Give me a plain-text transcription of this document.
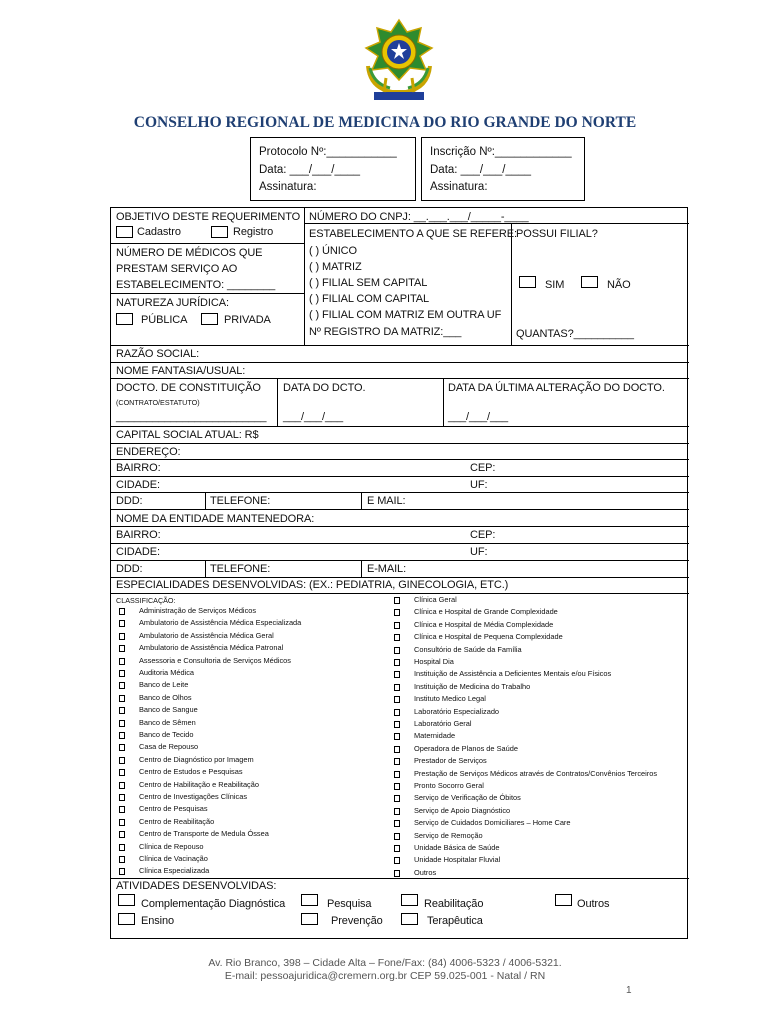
CONSELHO REGIONAL DE MEDICINA DO RIO GRANDE DO NORTE
Protocolo Nº:___________
Data: ___/___/____
Assinatura:
Inscrição Nº:____________
Data: ___/___/____
Assinatura:
OBJETIVO DESTE REQUERIMENTO
Cadastro	Registro
NÚMERO DE MÉDICOS QUE
PRESTAM SERVIÇO AO
ESTABELECIMENTO: ________
NATUREZA JURÍDICA:
PÚBLICA	PRIVADA
NÚMERO DO CNPJ: __.___.___/_____-____
ESTABELECIMENTO A QUE SE REFERE:
( ) ÚNICO
( ) MATRIZ
( ) FILIAL SEM CAPITAL
( ) FILIAL COM CAPITAL
( ) FILIAL COM MATRIZ EM OUTRA UF
Nº REGISTRO DA MATRIZ:___
POSSUI FILIAL?
SIM	NÃO
QUANTAS?__________
RAZÃO SOCIAL:
NOME FANTASIA/USUAL:
DOCTO. DE CONSTITUIÇÃO
(CONTRATO/ESTATUTO)
_________________________
DATA DO DCTO.
___/___/___
DATA DA ÚLTIMA ALTERAÇÃO DO DOCTO.
___/___/___
CAPITAL SOCIAL ATUAL: R$
ENDEREÇO:
BAIRRO:	CEP:
CIDADE:	UF:
DDD:	TELEFONE:	E MAIL:
NOME DA ENTIDADE MANTENEDORA:
BAIRRO:	CEP:
CIDADE:	UF:
DDD:	TELEFONE:	E-MAIL:
ESPECIALIDADES DESENVOLVIDAS: (EX.: PEDIATRIA, GINECOLOGIA, ETC.)
CLASSIFICAÇÃO:
Administração de Serviços Médicos
Ambulatorio de Assistência Médica Especializada
Ambulatorio de Assistência Médica Geral
Ambulatorio de Assistência Médica Patronal
Assessoria e Consultoria de Serviços Médicos
Auditoria Médica
Banco de Leite
Banco de Olhos
Banco de Sangue
Banco de Sêmen
Banco de Tecido
Casa de Repouso
Centro de Diagnóstico por Imagem
Centro de Estudos e Pesquisas
Centro de Habilitação e Reabilitação
Centro de Investigações Clínicas
Centro de Pesquisas
Centro de Reabilitação
Centro de Transporte de Medula Óssea
Clínica de Repouso
Clínica de Vacinação
Clínica Especializada
Clínica Geral
Clínica e Hospital de Grande Complexidade
Clínica e Hospital de Média Complexidade
Clínica e Hospital de Pequena Complexidade
Consultório de Saúde da Família
Hospital Dia
Instituição de Assistência a Deficientes Mentais e/ou Físicos
Instituição de Medicina do Trabalho
Instituto Medico Legal
Laboratório Especializado
Laboratório Geral
Maternidade
Operadora de Planos de Saúde
Prestador de Serviços
Prestação de Serviços Médicos através de Contratos/Convênios Terceiros
Pronto Socorro Geral
Serviço de Verificação de Óbitos
Serviço de Apoio Diagnóstico
Serviço de Cuidados Domiciliares – Home Care
Serviço de Remoção
Unidade Básica de Saúde
Unidade Hospitalar Fluvial
Outros
ATIVIDADES DESENVOLVIDAS:
Complementação Diagnóstica	Pesquisa	Reabilitação	Outros
Ensino	Prevenção	Terapêutica
Av. Rio Branco, 398 – Cidade Alta – Fone/Fax: (84) 4006-5323 / 4006-5321.
E-mail: pessoajuridica@cremern.org.br CEP 59.025-001 - Natal / RN
1
